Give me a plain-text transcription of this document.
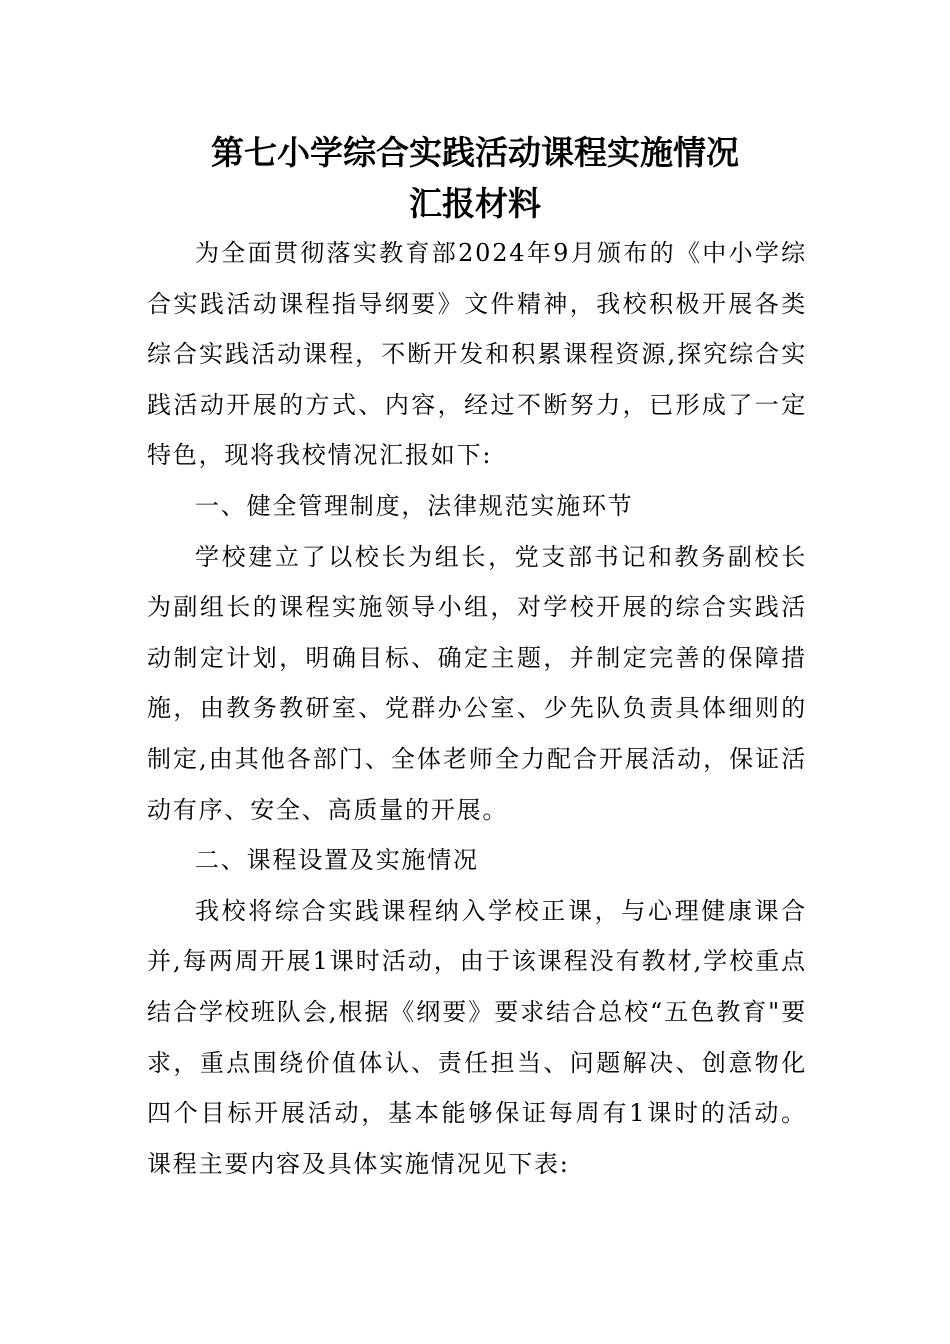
第七小学综合实践活动课程实施情况
汇报材料

为全面贯彻落实教育部2024年9月颁布的《中小学综合实践活动课程指导纲要》文件精神，我校积极开展各类综合实践活动课程，不断开发和积累课程资源,探究综合实践活动开展的方式、内容，经过不断努力，已形成了一定特色，现将我校情况汇报如下:

一、健全管理制度，法律规范实施环节

学校建立了以校长为组长，党支部书记和教务副校长为副组长的课程实施领导小组，对学校开展的综合实践活动制定计划，明确目标、确定主题，并制定完善的保障措施，由教务教研室、党群办公室、少先队负责具体细则的制定,由其他各部门、全体老师全力配合开展活动，保证活动有序、安全、高质量的开展。

二、课程设置及实施情况

我校将综合实践课程纳入学校正课，与心理健康课合并,每两周开展1课时活动，由于该课程没有教材,学校重点结合学校班队会,根据《纲要》要求结合总校“五色教育"要求，重点围绕价值体认、责任担当、问题解决、创意物化四个目标开展活动，基本能够保证每周有1课时的活动。课程主要内容及具体实施情况见下表:
